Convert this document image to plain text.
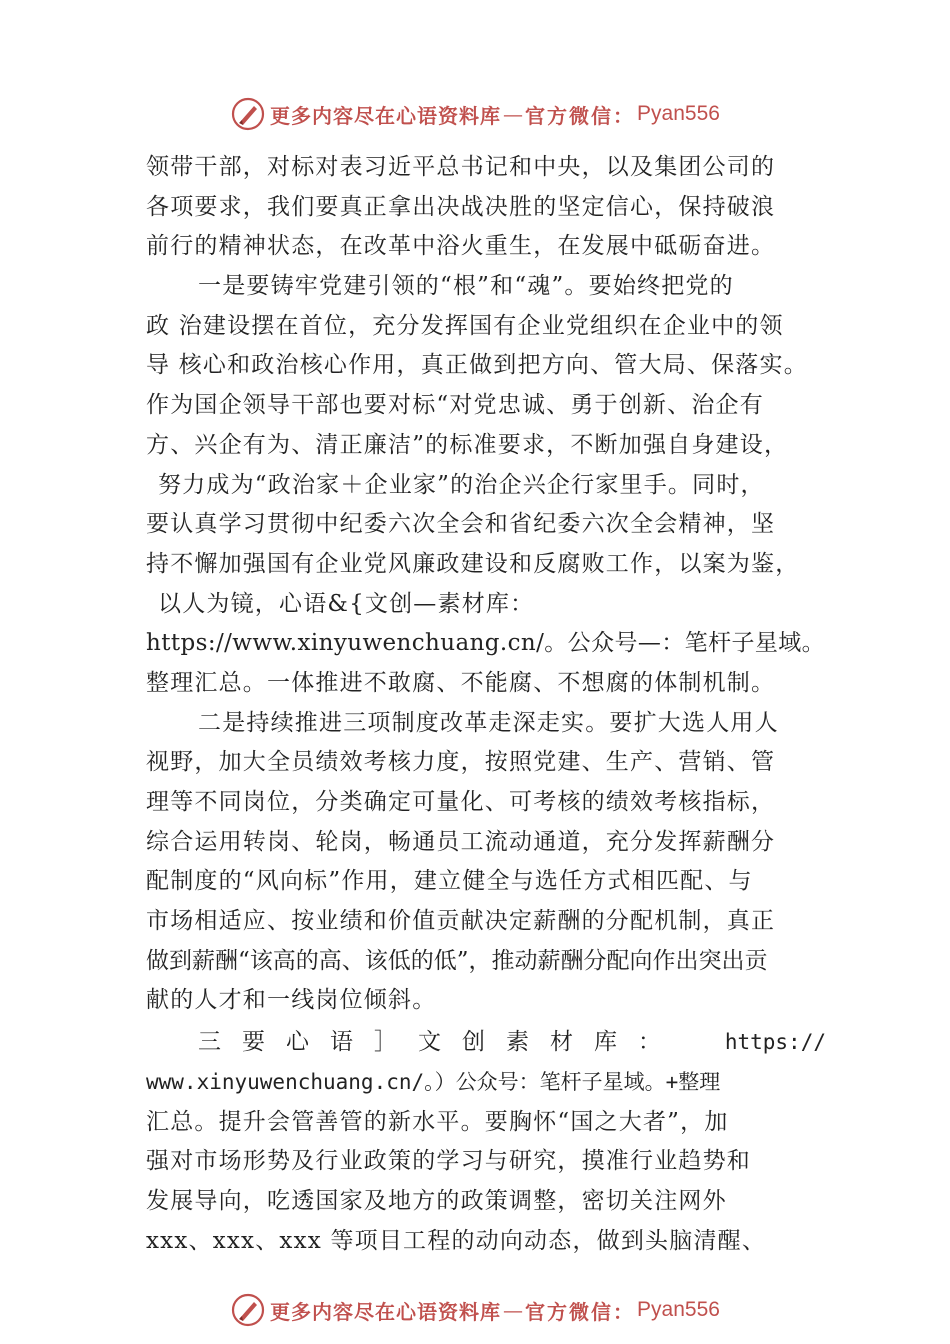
更多内容尽在心语资料库 — 官方微信： Pyan556
领带干部，对标对表习近平总书记和中央，以及集团公司的
各项要求，我们要真正拿出决战决胜的坚定信心，保持破浪
前行的精神状态，在改革中浴火重生，在发展中砥砺奋进。
一是要铸牢党建引领的“根”和“魂”。要始终把党的
政 治建设摆在首位，充分发挥国有企业党组织在企业中的领
导 核心和政治核心作用，真正做到把方向、管大局、保落实。
作为国企领导干部也要对标“对党忠诚、勇于创新、治企有
方、兴企有为、清正廉洁”的标准要求，不断加强自身建设，
努力成为“政治家＋企业家”的治企兴企行家里手。同时，
要认真学习贯彻中纪委六次全会和省纪委六次全会精神，坚
持不懈加强国有企业党风廉政建设和反腐败工作，以案为鉴，
以人为镜，心语&{文创—素材库：
https://www.xinyuwenchuang.cn/。公众号—：笔杆子星域。
整理汇总。一体推进不敢腐、不能腐、不想腐的体制机制。
二是持续推进三项制度改革走深走实。要扩大选人用人
视野，加大全员绩效考核力度，按照党建、生产、营销、管
理等不同岗位，分类确定可量化、可考核的绩效考核指标，
综合运用转岗、轮岗，畅通员工流动通道，充分发挥薪酬分
配制度的“风向标”作用，建立健全与选任方式相匹配、与
市场相适应、按业绩和价值贡献决定薪酬的分配机制，真正
做到薪酬“该高的高、该低的低”，推动薪酬分配向作出突出贡
献的人才和一线岗位倾斜。
三要心语］文创素材库： https://
www.xinyuwenchuang.cn/。）公众号：笔杆子星域。+整理
汇总。提升会管善管的新水平。要胸怀“国之大者”，加
强对市场形势及行业政策的学习与研究，摸准行业趋势和
发展导向，吃透国家及地方的政策调整，密切关注网外
xxx、xxx、xxx 等项目工程的动向动态，做到头脑清醒、
更多内容尽在心语资料库 — 官方微信： Pyan556
